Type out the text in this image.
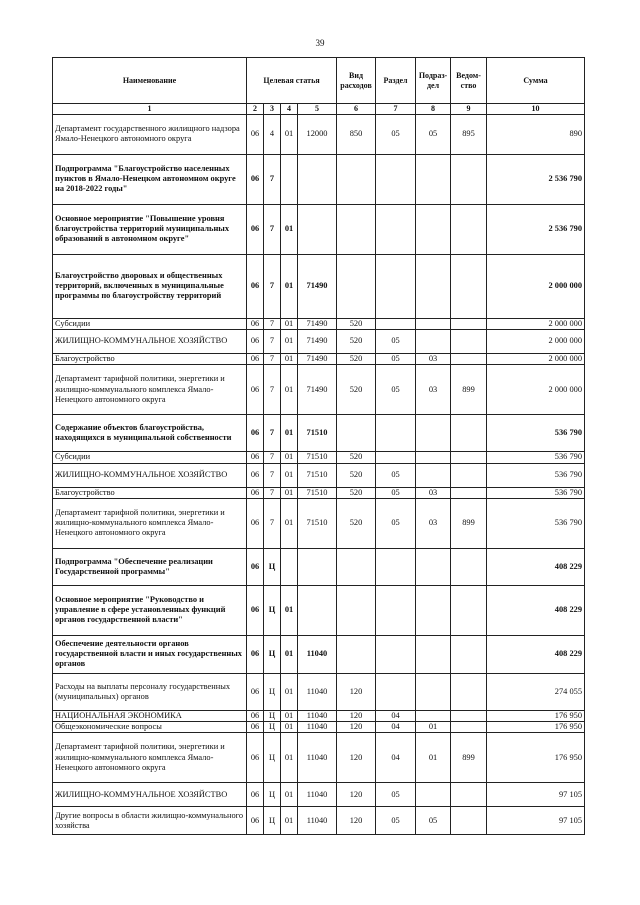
39
Наименование	Целевая статья				Вид расходов	Раздел	Подраз-дел	Ведом-ство	Сумма
1	2	3	4	5	6	7	8	9	10
Департамент государственного жилищного надзора Ямало-Ненецкого автономного округа	06	4	01	12000	850	05	05	895	890
Подпрограмма "Благоустройство населенных пунктов в Ямало-Ненецком автономном округе на 2018-2022 годы"	06	7							2 536 790
Основное мероприятие "Повышение уровня благоустройства территорий муниципальных образований в автономном округе"	06	7	01						2 536 790
Благоустройство дворовых и общественных территорий, включенных в муниципальные программы по благоустройству территорий	06	7	01	71490					2 000 000
Субсидии	06	7	01	71490	520				2 000 000
ЖИЛИЩНО-КОММУНАЛЬНОЕ ХОЗЯЙСТВО	06	7	01	71490	520	05			2 000 000
Благоустройство	06	7	01	71490	520	05	03		2 000 000
Департамент тарифной политики, энергетики и жилищно-коммунального комплекса Ямало-Ненецкого автономного округа	06	7	01	71490	520	05	03	899	2 000 000
Содержание объектов благоустройства, находящихся в муниципальной собственности	06	7	01	71510					536 790
Субсидии	06	7	01	71510	520				536 790
ЖИЛИЩНО-КОММУНАЛЬНОЕ ХОЗЯЙСТВО	06	7	01	71510	520	05			536 790
Благоустройство	06	7	01	71510	520	05	03		536 790
Департамент тарифной политики, энергетики и жилищно-коммунального комплекса Ямало-Ненецкого автономного округа	06	7	01	71510	520	05	03	899	536 790
Подпрограмма "Обеспечение реализации Государственной программы"	06	Ц							408 229
Основное мероприятие "Руководство и управление в сфере установленных функций органов государственной власти"	06	Ц	01						408 229
Обеспечение деятельности органов государственной власти и иных государственных органов	06	Ц	01	11040					408 229
Расходы на выплаты персоналу государственных (муниципальных) органов	06	Ц	01	11040	120				274 055
НАЦИОНАЛЬНАЯ ЭКОНОМИКА	06	Ц	01	11040	120	04			176 950
Общеэкономические вопросы	06	Ц	01	11040	120	04	01		176 950
Департамент тарифной политики, энергетики и жилищно-коммунального комплекса Ямало-Ненецкого автономного округа	06	Ц	01	11040	120	04	01	899	176 950
ЖИЛИЩНО-КОММУНАЛЬНОЕ ХОЗЯЙСТВО	06	Ц	01	11040	120	05			97 105
Другие вопросы в области жилищно-коммунального хозяйства	06	Ц	01	11040	120	05	05		97 105
